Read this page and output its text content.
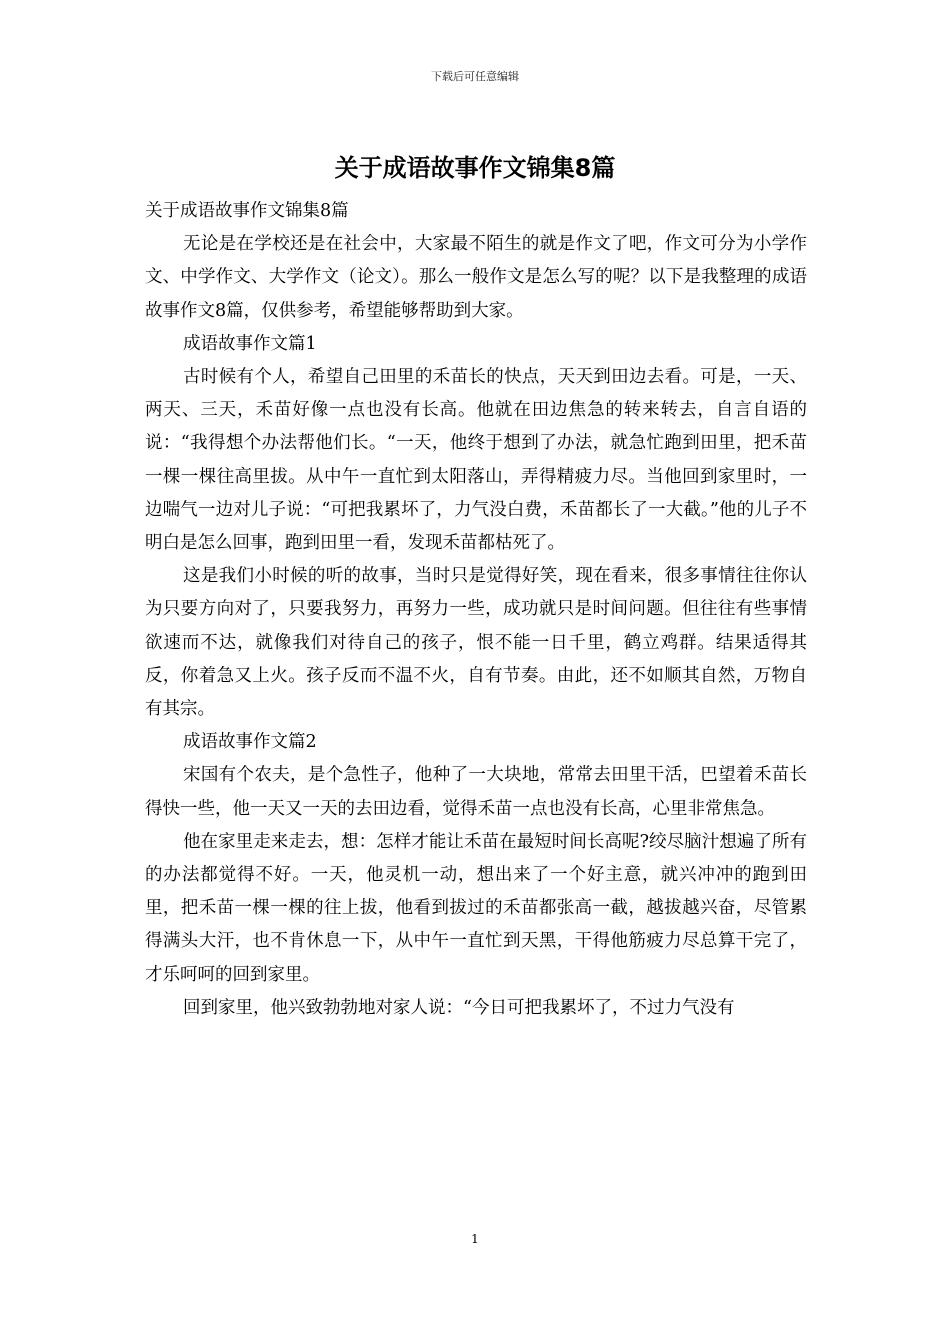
下载后可任意编辑
关于成语故事作文锦集8篇

关于成语故事作文锦集8篇

无论是在学校还是在社会中，大家最不陌生的就是作文了吧，作文可分为小学作文、中学作文、大学作文（论文）。那么一般作文是怎么写的呢？以下是我整理的成语故事作文8篇，仅供参考，希望能够帮助到大家。

成语故事作文篇1

古时候有个人，希望自己田里的禾苗长的快点，天天到田边去看。可是，一天、两天、三天，禾苗好像一点也没有长高。他就在田边焦急的转来转去，自言自语的说：“我得想个办法帮他们长。“一天，他终于想到了办法，就急忙跑到田里，把禾苗一棵一棵往高里拔。从中午一直忙到太阳落山，弄得精疲力尽。当他回到家里时，一边喘气一边对儿子说：“可把我累坏了，力气没白费，禾苗都长了一大截。”他的儿子不明白是怎么回事，跑到田里一看，发现禾苗都枯死了。

这是我们小时候的听的故事，当时只是觉得好笑，现在看来，很多事情往往你认为只要方向对了，只要我努力，再努力一些，成功就只是时间问题。但往往有些事情欲速而不达，就像我们对待自己的孩子，恨不能一日千里，鹤立鸡群。结果适得其反，你着急又上火。孩子反而不温不火，自有节奏。由此，还不如顺其自然，万物自有其宗。

成语故事作文篇2

宋国有个农夫，是个急性子，他种了一大块地，常常去田里干活，巴望着禾苗长得快一些，他一天又一天的去田边看，觉得禾苗一点也没有长高，心里非常焦急。

他在家里走来走去，想：怎样才能让禾苗在最短时间长高呢?绞尽脑汁想遍了所有的办法都觉得不好。一天，他灵机一动，想出来了一个好主意，就兴冲冲的跑到田里，把禾苗一棵一棵的往上拔，他看到拔过的禾苗都张高一截，越拔越兴奋，尽管累得满头大汗，也不肯休息一下，从中午一直忙到天黑，干得他筋疲力尽总算干完了，才乐呵呵的回到家里。

回到家里，他兴致勃勃地对家人说：“今日可把我累坏了，不过力气没有

1
